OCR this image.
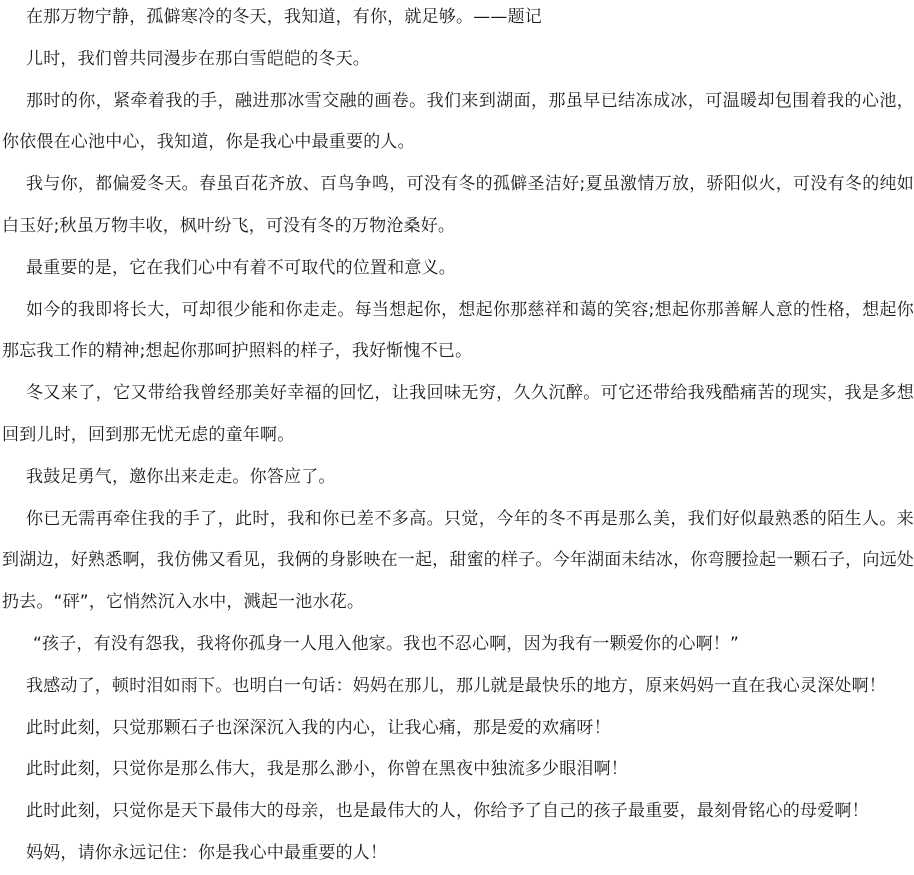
在那万物宁静，孤僻寒冷的冬天，我知道，有你，就足够。——题记

儿时，我们曾共同漫步在那白雪皑皑的冬天。

那时的你，紧牵着我的手，融进那冰雪交融的画卷。我们来到湖面，那虽早已结冻成冰，可温暖却包围着我的心池，你依偎在心池中心，我知道，你是我心中最重要的人。

我与你，都偏爱冬天。春虽百花齐放、百鸟争鸣，可没有冬的孤僻圣洁好;夏虽激情万放，骄阳似火，可没有冬的纯如白玉好;秋虽万物丰收，枫叶纷飞，可没有冬的万物沧桑好。

最重要的是，它在我们心中有着不可取代的位置和意义。

如今的我即将长大，可却很少能和你走走。每当想起你，想起你那慈祥和蔼的笑容;想起你那善解人意的性格，想起你那忘我工作的精神;想起你那呵护照料的样子，我好惭愧不已。

冬又来了，它又带给我曾经那美好幸福的回忆，让我回味无穷，久久沉醉。可它还带给我残酷痛苦的现实，我是多想回到儿时，回到那无忧无虑的童年啊。

我鼓足勇气，邀你出来走走。你答应了。

你已无需再牵住我的手了，此时，我和你已差不多高。只觉，今年的冬不再是那么美，我们好似最熟悉的陌生人。来到湖边，好熟悉啊，我仿佛又看见，我俩的身影映在一起，甜蜜的样子。今年湖面未结冰，你弯腰捡起一颗石子，向远处扔去。“砰”，它悄然沉入水中，溅起一池水花。

“孩子，有没有怨我，我将你孤身一人甩入他家。我也不忍心啊，因为我有一颗爱你的心啊！”

我感动了，顿时泪如雨下。也明白一句话：妈妈在那儿，那儿就是最快乐的地方，原来妈妈一直在我心灵深处啊！

此时此刻，只觉那颗石子也深深沉入我的内心，让我心痛，那是爱的欢痛呀！

此时此刻，只觉你是那么伟大，我是那么渺小，你曾在黑夜中独流多少眼泪啊！

此时此刻，只觉你是天下最伟大的母亲，也是最伟大的人，你给予了自己的孩子最重要，最刻骨铭心的母爱啊！

妈妈，请你永远记住：你是我心中最重要的人！
